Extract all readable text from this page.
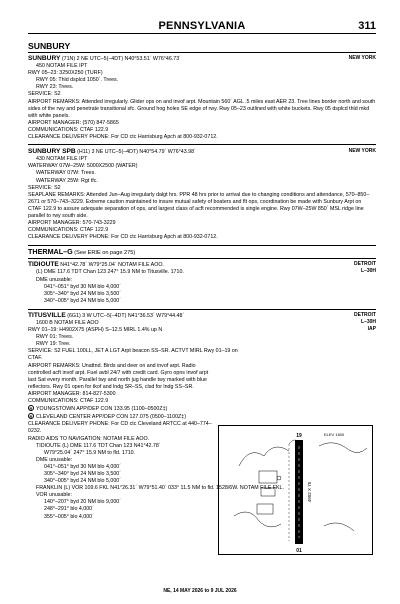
PENNSYLVANIA	311
SUNBURY
NEW YORK
SUNBURY (71N) 2 NE UTC–5(–4DT) N40°53.51´ W76°46.73´
450 NOTAM FILE IPT
RWY 05–23: 3250X250 (TURF)
RWY 05: Thld dsplcd 1050´. Trees.
RWY 23: Trees.
SERVICE: S2
AIRPORT REMARKS: Attended irregularly. Glider ops on and invof arpt. Mountain 560´ AGL .5 miles east AER 23. Tree lines border north and south sides of the rwy and penetrate transitional sfc. Ground hog holes SE edge of rwy. Rwy 05–23 outlined with white buckets. Rwy 05 dsplcd thld mkd with white panels.
AIRPORT MANAGER: (570) 847-5865
COMMUNICATIONS: CTAF 122.9
CLEARANCE DELIVERY PHONE: For CD ctc Harrisburg Apch at 800-932-0712.
NEW YORK
SUNBURY SPB (H11) 3 NE UTC–5(–4DT) N40°54.79´ W76°43.98´
430 NOTAM FILE IPT
WATERWAY 07W–25W: 5000X2500 (WATER)
WATERWAY 07W: Trees.
WATERWAY 25W: Rgt tfc.
SERVICE: S2
SEAPLANE REMARKS: Attended Jun–Aug irregularly dalgt hrs. PPR 48 hrs prior to arrival due to changing conditions and attendance, 570–850–2671 or 570–743–3229. Extreme caution maintained to insure mutual safety of boaters and flt ops, coordination be made with Sunbury Arpt on CTAF 122.9 to assure adequate separation of ops, and largest class of acft recommended is single engine. Rwy 07W–25W 850´ MSL ridge line parallel to rwy south side.
AIRPORT MANAGER: 570-743-3229
COMMUNICATIONS: CTAF 122.9
CLEARANCE DELIVERY PHONE: For CD ctc Harrisburg Apch at 800-932-0712.
THERMAL–G (See ERIE on page 275)
DETROIT
L–30H
TIDIOUTE N41°42.78´ W79°25.04´ NOTAM FILE AOO.
(L) DME 117.6 TDT Chan 123 247° 15.9 NM to Titusville. 1710.
DME unusable:
041°–051° byd 30 NM blo 4,000´
305°–340° byd 24 NM blo 3,500´
340°–005° byd 24 NM blo 5,000´
DETROIT
L–30H
IAP
TITUSVILLE (6G1) 3 W UTC–5(–4DT) N41°36.53´ W79°44.48´
1600 B NOTAM FILE AOO
RWY 01–19: H4902X75 (ASPH) S–12.5 MIRL 1.4% up N
RWY 01: Trees.
RWY 19: Tree.
SERVICE: S2 FUEL 100LL, JET A LGT Arpt beacon SS–SR. ACTVT MIRL Rwy 01–19 on CTAF.
AIRPORT REMARKS: Unattnd. Birds and deer on and invof arpt. Radio controlled acft invof arpt. Fuel avbl 24/7 with credit card. Gyro opns invof arpt last Sat every month. Parallel twy and north jug handle twy marked with blue reflectors. Rwy 01 open for tkof and lndg SR–SS, clsd for lndg SS–SR.
AIRPORT MANAGER: 814-827-5300
COMMUNICATIONS: CTAF 122.9
R YOUNGSTOWN APP/DEP CON 133.95 (1100–0500Z‡)
R CLEVELAND CENTER APP/DEP CON 127.075 (0500–1100Z‡)
CLEARANCE DELIVERY PHONE: For CD ctc Cleveland ARTCC at 440–774–0232.
RADIO AIDS TO NAVIGATION: NOTAM FILE AOO.
TIDIOUTE (L) DME 117.6 TDT Chan 123 N41°42.78´
W79°25.04´ 247° 15.9 NM to fld. 1710.
DME unusable:
041°–051° byd 30 NM blo 4,000´
305°–340° byd 24 NM blo 3,500´
340°–005° byd 24 NM blo 5,000´
FRANKLIN (L) VOR 109.6 FKL N41°26.31´ W79°51.40´ 033° 11.5 NM to fld. 1528/6W. NOTAM FILE FKL.
VOR unusable:
140°–207° byd 20 NM blo 9,000´
248°–291° blo 4,000´
355°–005° blo 4,000´
19
01
4902 X 75
ELEV 1600
NE, 14 MAY 2026 to 9 JUL 2026
